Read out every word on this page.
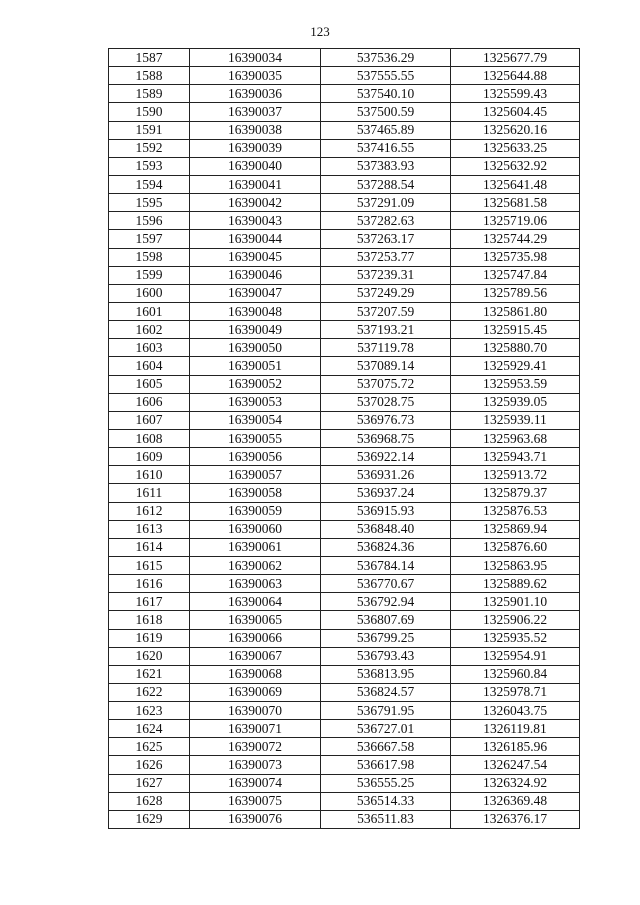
123
1587	16390034	537536.29	1325677.79
1588	16390035	537555.55	1325644.88
1589	16390036	537540.10	1325599.43
1590	16390037	537500.59	1325604.45
1591	16390038	537465.89	1325620.16
1592	16390039	537416.55	1325633.25
1593	16390040	537383.93	1325632.92
1594	16390041	537288.54	1325641.48
1595	16390042	537291.09	1325681.58
1596	16390043	537282.63	1325719.06
1597	16390044	537263.17	1325744.29
1598	16390045	537253.77	1325735.98
1599	16390046	537239.31	1325747.84
1600	16390047	537249.29	1325789.56
1601	16390048	537207.59	1325861.80
1602	16390049	537193.21	1325915.45
1603	16390050	537119.78	1325880.70
1604	16390051	537089.14	1325929.41
1605	16390052	537075.72	1325953.59
1606	16390053	537028.75	1325939.05
1607	16390054	536976.73	1325939.11
1608	16390055	536968.75	1325963.68
1609	16390056	536922.14	1325943.71
1610	16390057	536931.26	1325913.72
1611	16390058	536937.24	1325879.37
1612	16390059	536915.93	1325876.53
1613	16390060	536848.40	1325869.94
1614	16390061	536824.36	1325876.60
1615	16390062	536784.14	1325863.95
1616	16390063	536770.67	1325889.62
1617	16390064	536792.94	1325901.10
1618	16390065	536807.69	1325906.22
1619	16390066	536799.25	1325935.52
1620	16390067	536793.43	1325954.91
1621	16390068	536813.95	1325960.84
1622	16390069	536824.57	1325978.71
1623	16390070	536791.95	1326043.75
1624	16390071	536727.01	1326119.81
1625	16390072	536667.58	1326185.96
1626	16390073	536617.98	1326247.54
1627	16390074	536555.25	1326324.92
1628	16390075	536514.33	1326369.48
1629	16390076	536511.83	1326376.17
